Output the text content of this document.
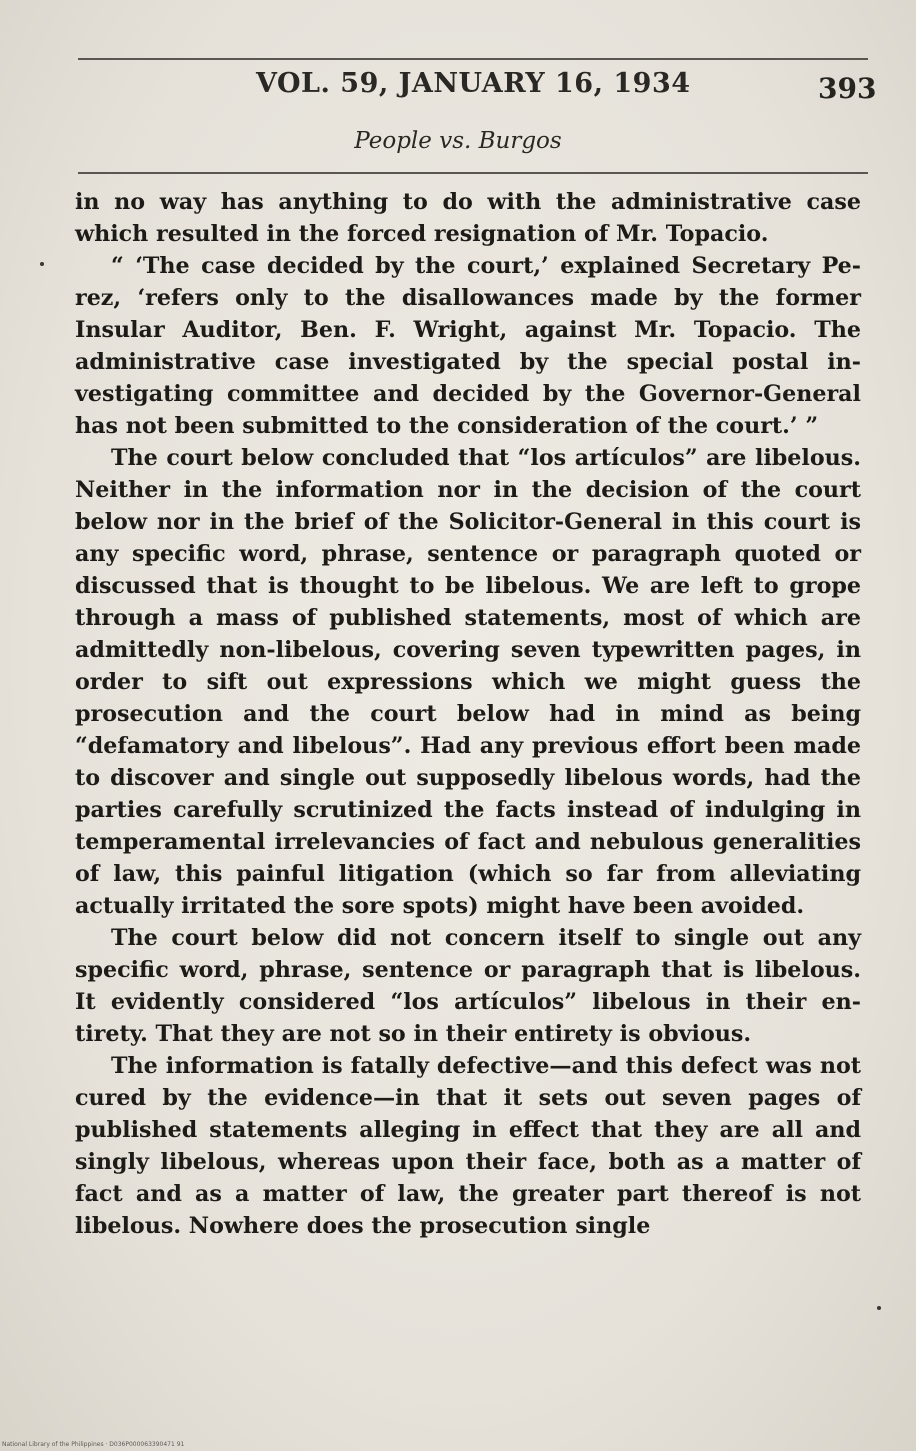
VOL. 59, JANUARY 16, 1934	393
People vs. Burgos

in no way has anything to do with the administrative case which resulted in the forced resignation of Mr. Topacio.

“ ‘The case decided by the court,’ explained Secretary Perez, ‘refers only to the disallowances made by the former Insular Auditor, Ben. F. Wright, against Mr. Topacio. The administrative case investigated by the special postal investigating committee and decided by the Governor-General has not been submitted to the consideration of the court.’ ”

The court below concluded that “los artículos” are libelous. Neither in the information nor in the decision of the court below nor in the brief of the Solicitor-General in this court is any specific word, phrase, sentence or paragraph quoted or discussed that is thought to be libelous. We are left to grope through a mass of published statements, most of which are admittedly non-libelous, covering seven typewritten pages, in order to sift out expressions which we might guess the prosecution and the court below had in mind as being “defamatory and libelous”. Had any previous effort been made to discover and single out supposedly libelous words, had the parties carefully scrutinized the facts instead of indulging in temperamental irrelevancies of fact and nebulous generalities of law, this painful litigation (which so far from alleviating actually irritated the sore spots) might have been avoided.

The court below did not concern itself to single out any specific word, phrase, sentence or paragraph that is libelous. It evidently considered “los artículos” libelous in their entirety. That they are not so in their entirety is obvious.

The information is fatally defective—and this defect was not cured by the evidence—in that it sets out seven pages of published statements alleging in effect that they are all and singly libelous, whereas upon their face, both as a matter of fact and as a matter of law, the greater part thereof is not libelous. Nowhere does the prosecution single

National Library of the Philippines · D036P000063390471 91
